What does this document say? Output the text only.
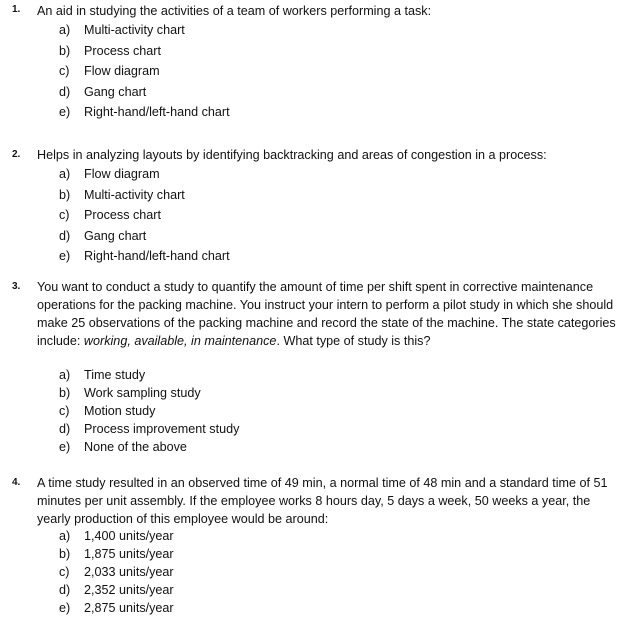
1. An aid in studying the activities of a team of workers performing a task:
a) Multi-activity chart
b) Process chart
c) Flow diagram
d) Gang chart
e) Right-hand/left-hand chart
2. Helps in analyzing layouts by identifying backtracking and areas of congestion in a process:
a) Flow diagram
b) Multi-activity chart
c) Process chart
d) Gang chart
e) Right-hand/left-hand chart
3. You want to conduct a study to quantify the amount of time per shift spent in corrective maintenance operations for the packing machine. You instruct your intern to perform a pilot study in which she should make 25 observations of the packing machine and record the state of the machine. The state categories include: working, available, in maintenance. What type of study is this?
a) Time study
b) Work sampling study
c) Motion study
d) Process improvement study
e) None of the above
4. A time study resulted in an observed time of 49 min, a normal time of 48 min and a standard time of 51 minutes per unit assembly. If the employee works 8 hours day, 5 days a week, 50 weeks a year, the yearly production of this employee would be around:
a) 1,400 units/year
b) 1,875 units/year
c) 2,033 units/year
d) 2,352 units/year
e) 2,875 units/year
